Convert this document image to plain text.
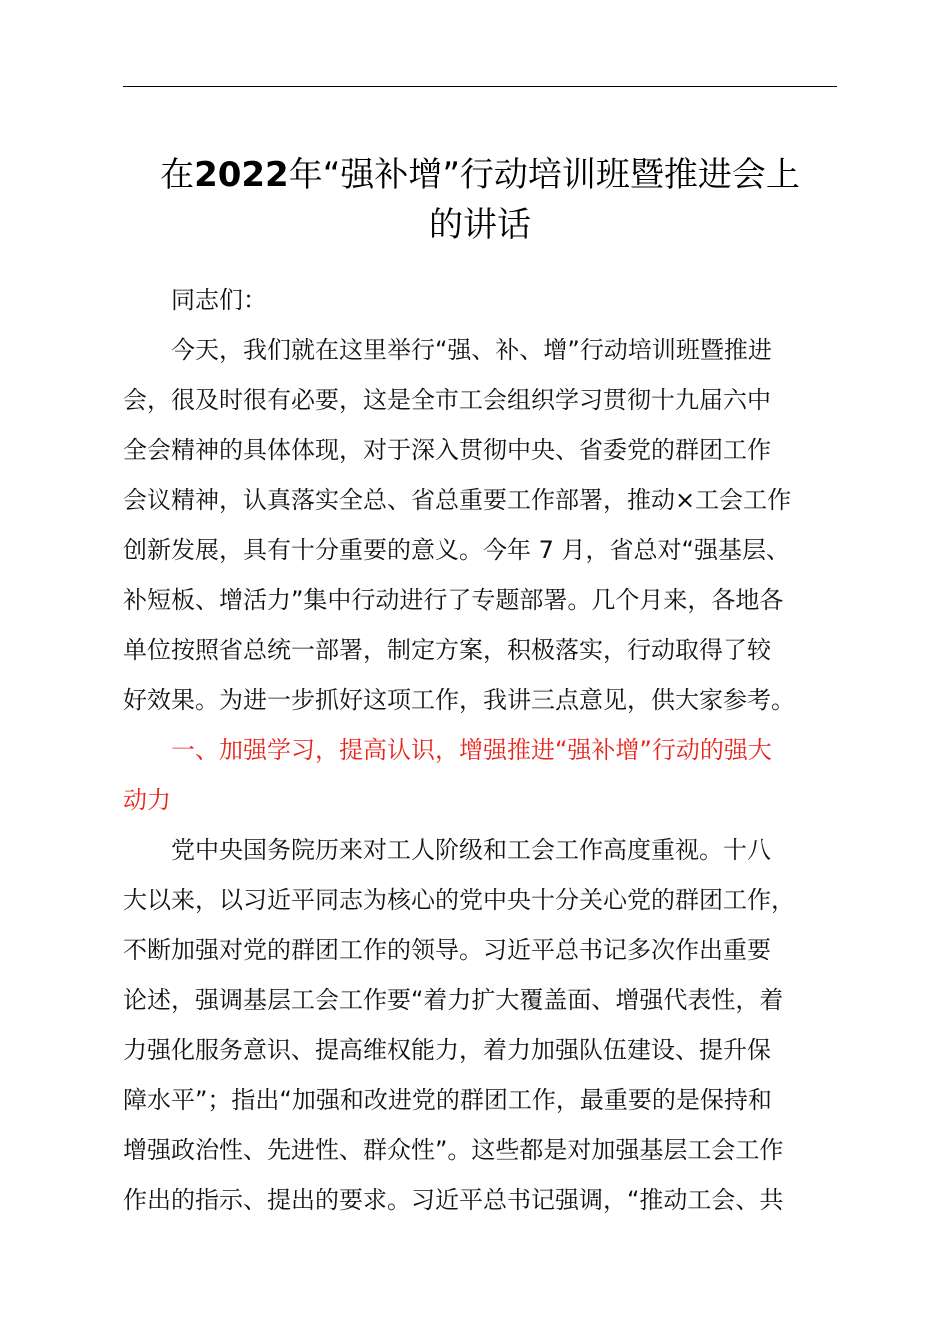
在2022年“强补增”行动培训班暨推进会上
的讲话

同志们：

今天，我们就在这里举行“强、补、增”行动培训班暨推进
会，很及时很有必要，这是全市工会组织学习贯彻十九届六中
全会精神的具体体现，对于深入贯彻中央、省委党的群团工作
会议精神，认真落实全总、省总重要工作部署，推动×工会工作
创新发展，具有十分重要的意义。今年 7 月，省总对“强基层、
补短板、增活力”集中行动进行了专题部署。几个月来，各地各
单位按照省总统一部署，制定方案，积极落实，行动取得了较
好效果。为进一步抓好这项工作，我讲三点意见，供大家参考。

一、加强学习，提高认识，增强推进“强补增”行动的强大
动力

党中央国务院历来对工人阶级和工会工作高度重视。十八
大以来，以习近平同志为核心的党中央十分关心党的群团工作，
不断加强对党的群团工作的领导。习近平总书记多次作出重要
论述，强调基层工会工作要“着力扩大覆盖面、增强代表性，着
力强化服务意识、提高维权能力，着力加强队伍建设、提升保
障水平”；指出“加强和改进党的群团工作，最重要的是保持和
增强政治性、先进性、群众性”。这些都是对加强基层工会工作
作出的指示、提出的要求。习近平总书记强调，“推动工会、共
